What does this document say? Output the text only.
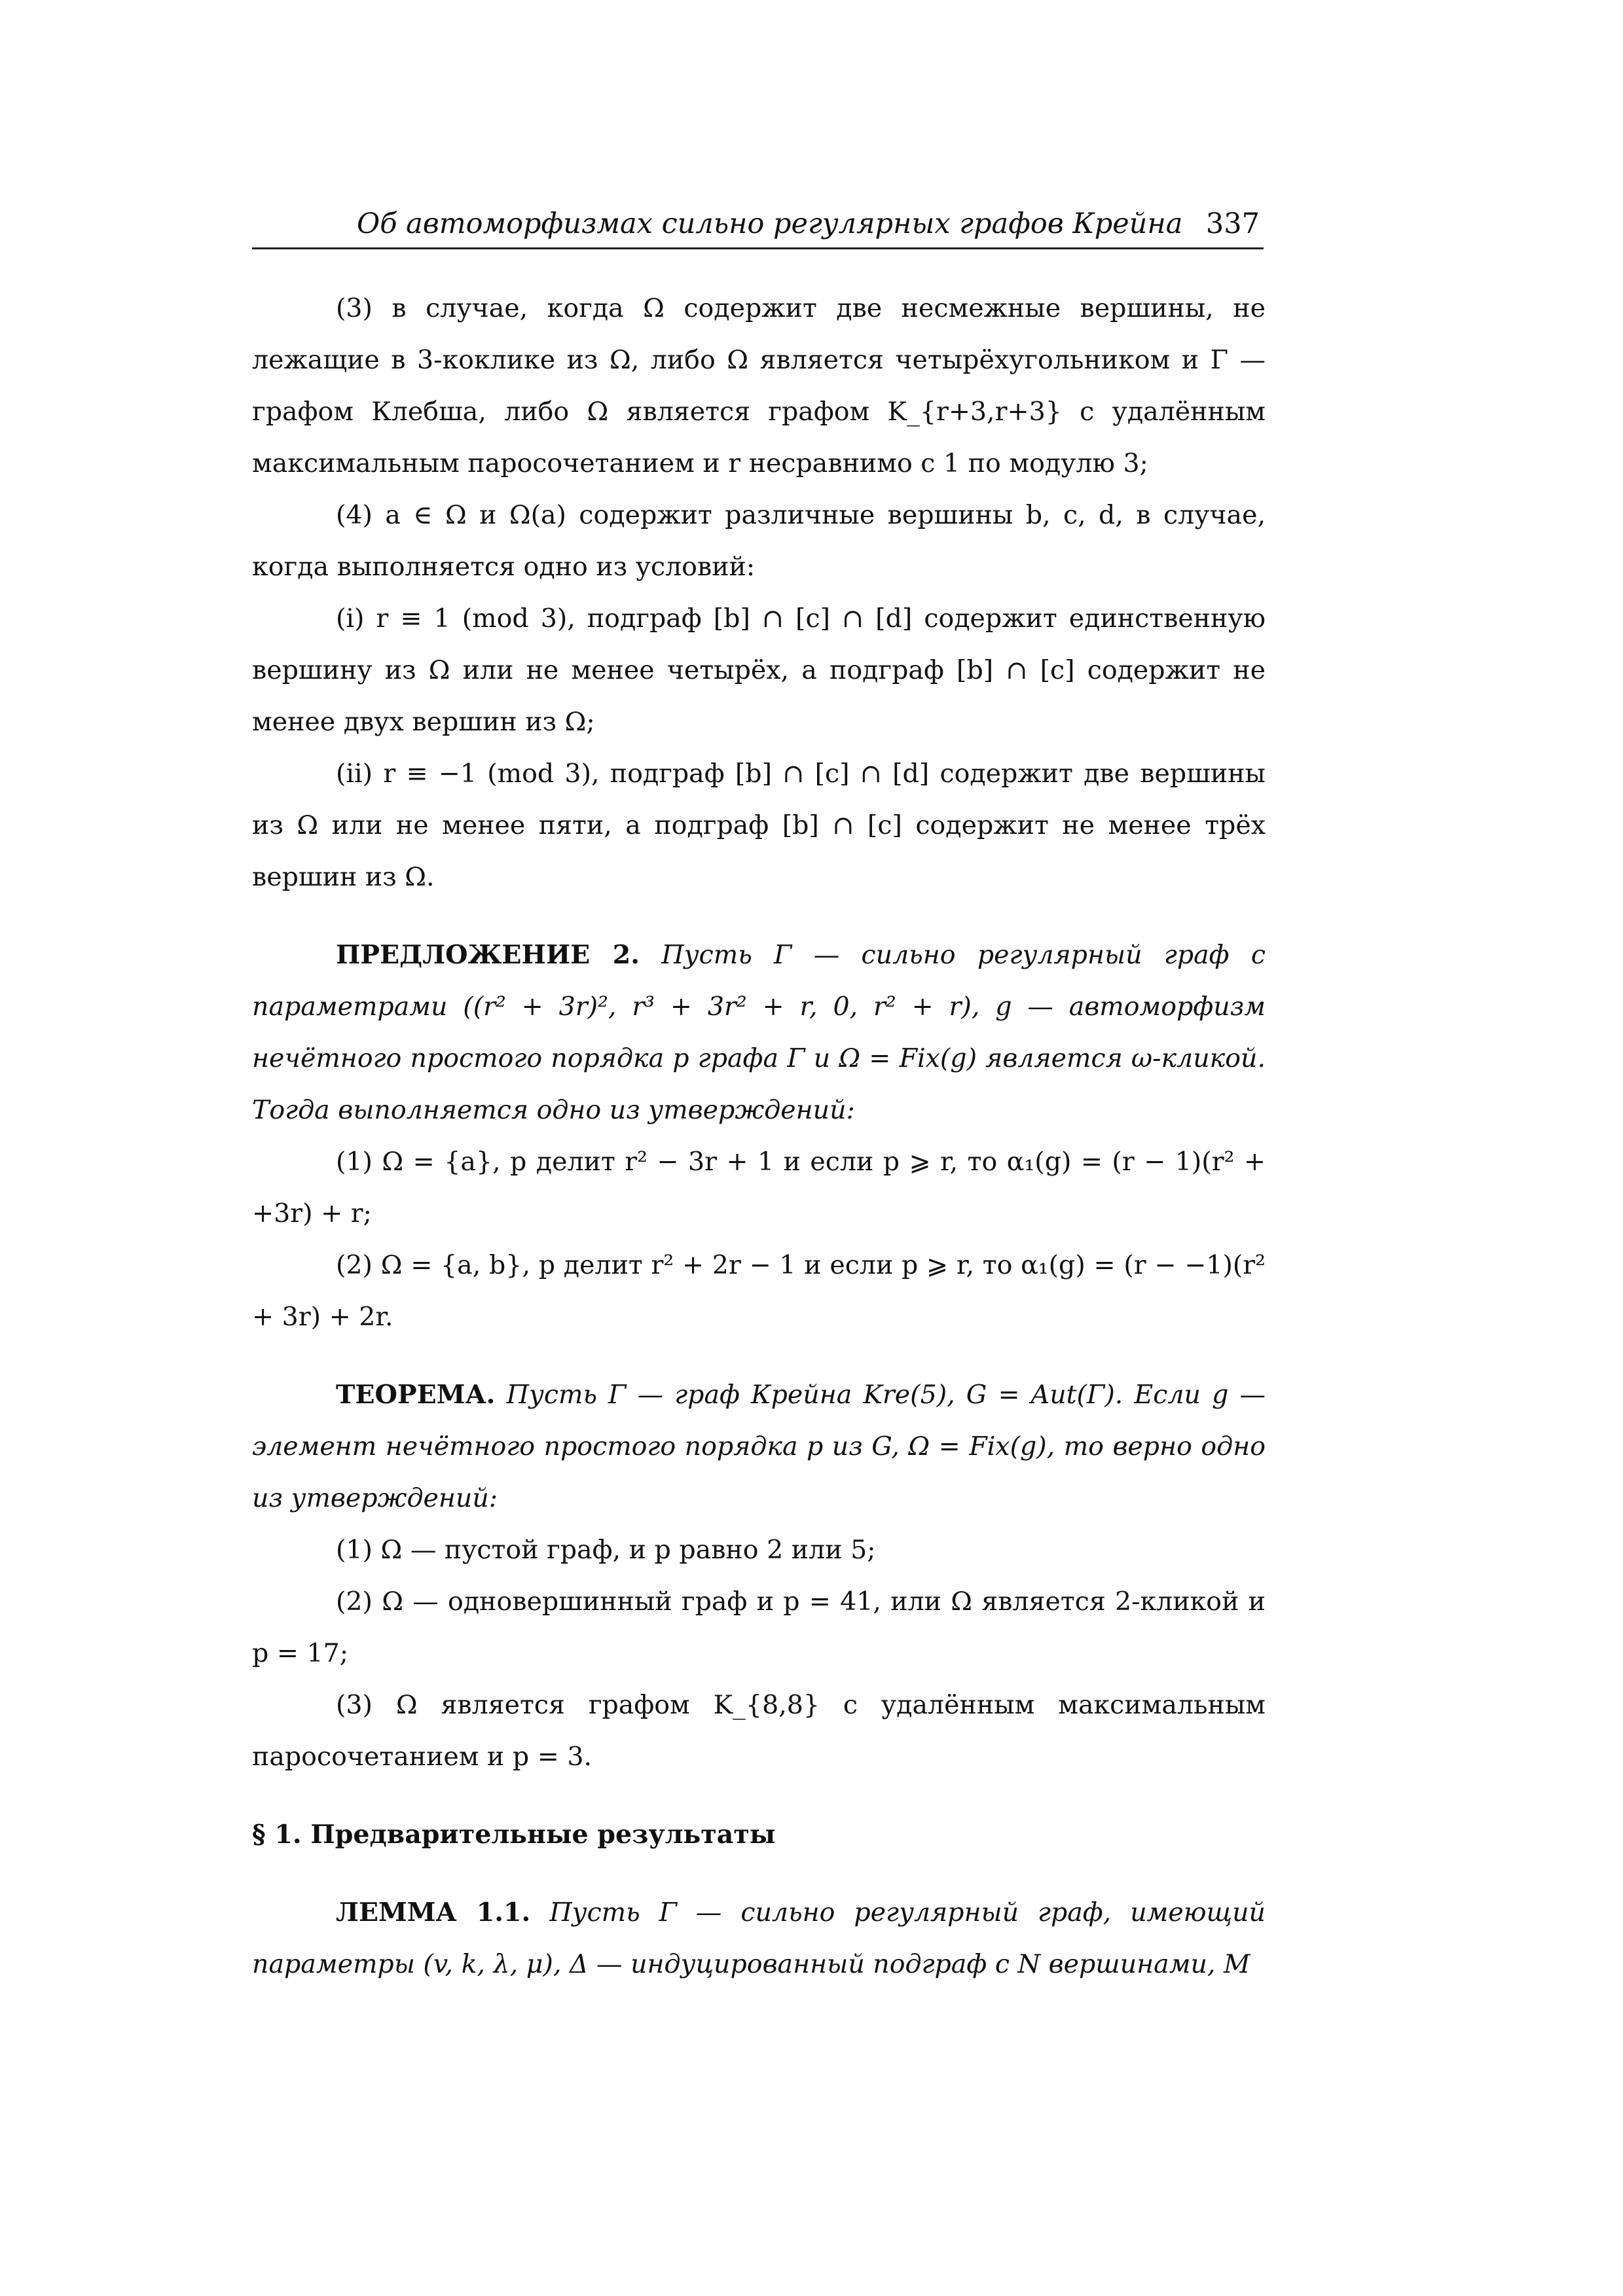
Об автоморфизмах сильно регулярных графов Крейна 337

(3) в случае, когда Ω содержит две несмежные вершины, не лежащие в 3-коклике из Ω, либо Ω является четырёхугольником и Γ — графом Клебша, либо Ω является графом K_{r+3,r+3} с удалённым максимальным паросочетанием и r несравнимо с 1 по модулю 3;

(4) a ∈ Ω и Ω(a) содержит различные вершины b, c, d, в случае, когда выполняется одно из условий:

(i) r ≡ 1 (mod 3), подграф [b] ∩ [c] ∩ [d] содержит единственную вершину из Ω или не менее четырёх, а подграф [b] ∩ [c] содержит не менее двух вершин из Ω;

(ii) r ≡ −1 (mod 3), подграф [b] ∩ [c] ∩ [d] содержит две вершины из Ω или не менее пяти, а подграф [b] ∩ [c] содержит не менее трёх вершин из Ω.

ПРЕДЛОЖЕНИЕ 2. Пусть Γ — сильно регулярный граф с параметрами ((r² + 3r)², r³ + 3r² + r, 0, r² + r), g — автоморфизм нечётного простого порядка p графа Γ и Ω = Fix(g) является ω-кликой. Тогда выполняется одно из утверждений:

(1) Ω = {a}, p делит r² − 3r + 1 и если p ⩾ r, то α₁(g) = (r − 1)(r² + +3r) + r;

(2) Ω = {a, b}, p делит r² + 2r − 1 и если p ⩾ r, то α₁(g) = (r − −1)(r² + 3r) + 2r.

ТЕОРЕМА. Пусть Γ — граф Крейна Kre(5), G = Aut(Γ). Если g — элемент нечётного простого порядка p из G, Ω = Fix(g), то верно одно из утверждений:

(1) Ω — пустой граф, и p равно 2 или 5;

(2) Ω — одновершинный граф и p = 41, или Ω является 2-кликой и p = 17;

(3) Ω является графом K_{8,8} с удалённым максимальным паросочетанием и p = 3.

§ 1. Предварительные результаты

ЛЕММА 1.1. Пусть Γ — сильно регулярный граф, имеющий параметры (v, k, λ, μ), Δ — индуцированный подграф с N вершинами, M
